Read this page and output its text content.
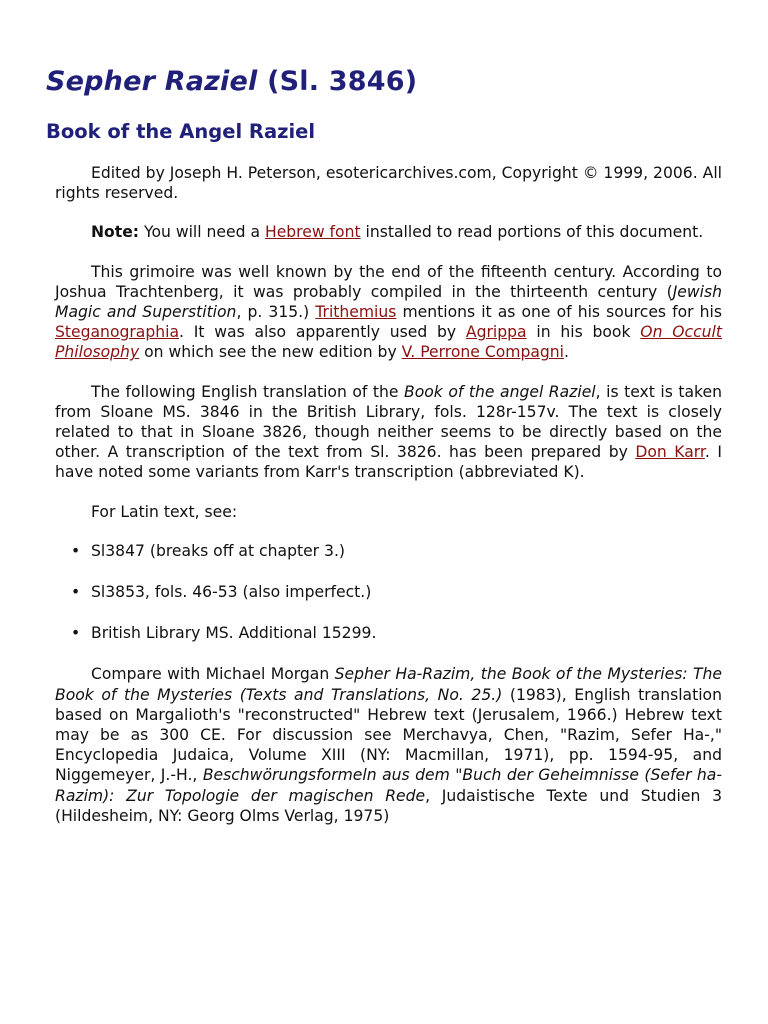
Sepher Raziel (Sl. 3846)
Book of the Angel Raziel

Edited by Joseph H. Peterson, esotericarchives.com, Copyright © 1999, 2006. All rights reserved.

Note: You will need a Hebrew font installed to read portions of this document.

This grimoire was well known by the end of the fifteenth century. According to Joshua Trachtenberg, it was probably compiled in the thirteenth century (Jewish Magic and Superstition, p. 315.) Trithemius mentions it as one of his sources for his Steganographia. It was also apparently used by Agrippa in his book On Occult Philosophy on which see the new edition by V. Perrone Compagni.

The following English translation of the Book of the angel Raziel, is text is taken from Sloane MS. 3846 in the British Library, fols. 128r-157v. The text is closely related to that in Sloane 3826, though neither seems to be directly based on the other. A transcription of the text from Sl. 3826. has been prepared by Don Karr. I have noted some variants from Karr's transcription (abbreviated K).

For Latin text, see:

• Sl3847 (breaks off at chapter 3.)
• Sl3853, fols. 46-53 (also imperfect.)
• British Library MS. Additional 15299.

Compare with Michael Morgan Sepher Ha-Razim, the Book of the Mysteries: The Book of the Mysteries (Texts and Translations, No. 25.) (1983), English translation based on Margalioth's "reconstructed" Hebrew text (Jerusalem, 1966.) Hebrew text may be as 300 CE. For discussion see Merchavya, Chen, "Razim, Sefer Ha-," Encyclopedia Judaica, Volume XIII (NY: Macmillan, 1971), pp. 1594-95, and Niggemeyer, J.-H., Beschwörungsformeln aus dem "Buch der Geheimnisse (Sefer ha-Razim): Zur Topologie der magischen Rede, Judaistische Texte und Studien 3 (Hildesheim, NY: Georg Olms Verlag, 1975)
